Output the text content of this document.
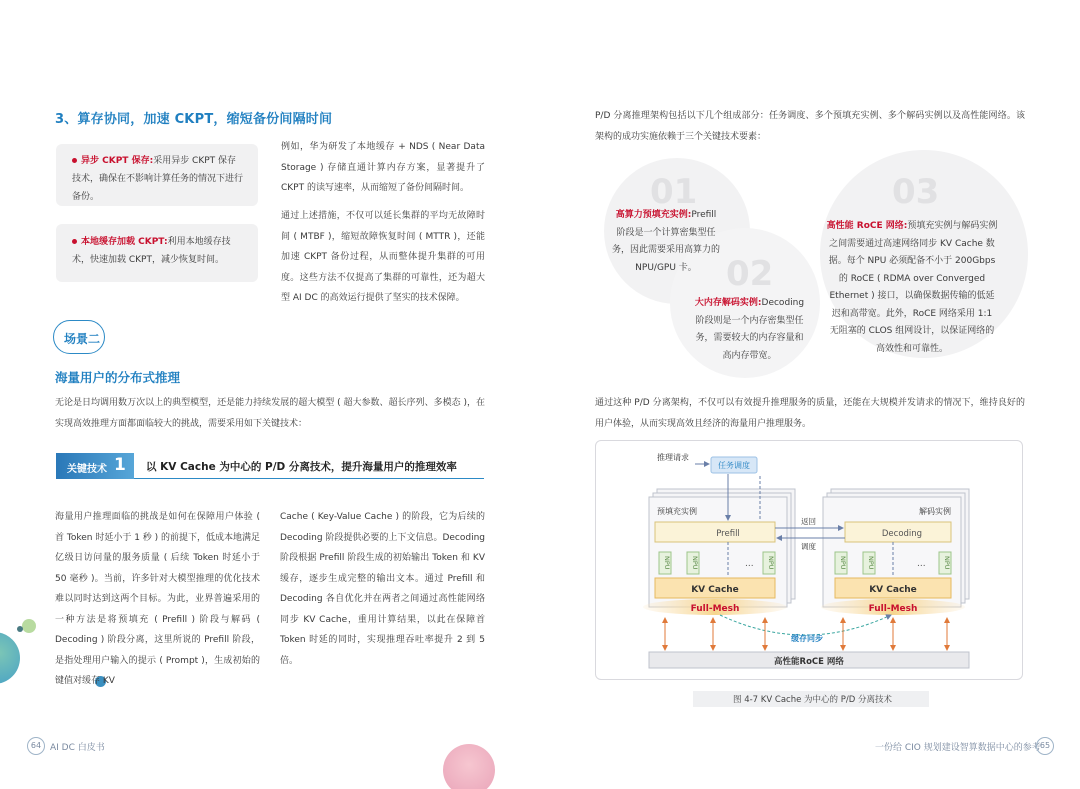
3、算存协同，加速 CKPT，缩短备份间隔时间
异步 CKPT 保存:采用异步 CKPT 保存技术，确保在不影响计算任务的情况下进行备份。
本地缓存加载 CKPT:利用本地缓存技术，快速加载 CKPT，减少恢复时间。
例如，华为研发了本地缓存 + NDS ( Near Data Storage ) 存储直通计算内存方案，显著提升了 CKPT 的读写速率，从而缩短了备份间隔时间。
通过上述措施，不仅可以延长集群的平均无故障时间 ( MTBF )，缩短故障恢复时间 ( MTTR )，还能加速 CKPT 备份过程，从而整体提升集群的可用度。这些方法不仅提高了集群的可靠性，还为超大型 AI DC 的高效运行提供了坚实的技术保障。
场景二
海量用户的分布式推理
无论是日均调用数万次以上的典型模型，还是能力持续发展的超大模型 ( 超大参数、超长序列、多模态 )，在实现高效推理方面都面临较大的挑战，需要采用如下关键技术：
关键技术 1 以 KV Cache 为中心的 P/D 分离技术，提升海量用户的推理效率
海量用户推理面临的挑战是如何在保障用户体验 ( 首 Token 时延小于 1 秒 ) 的前提下，低成本地满足亿级日访问量的服务质量 ( 后续 Token 时延小于 50 毫秒 )。当前，许多针对大模型推理的优化技术难以同时达到这两个目标。为此，业界普遍采用的一种方法是将预填充 ( Prefill ) 阶段与解码 ( Decoding ) 阶段分离，这里所说的 Prefill 阶段，是指处理用户输入的提示 ( Prompt )，生成初始的键值对缓存 KV
Cache ( Key-Value Cache ) 的阶段，它为后续的 Decoding 阶段提供必要的上下文信息。Decoding 阶段根据 Prefill 阶段生成的初始输出 Token 和 KV 缓存，逐步生成完整的输出文本。通过 Prefill 和 Decoding 各自优化并在两者之间通过高性能网络同步 KV Cache，重用计算结果，以此在保障首 Token 时延的同时，实现推理吞吐率提升 2 到 5 倍。
64 AI DC 白皮书
P/D 分离推理架构包括以下几个组成部分：任务调度、多个预填充实例、多个解码实例以及高性能网络。该架构的成功实施依赖于三个关键技术要素：
01
02
03
高算力预填充实例:Prefill 阶段是一个计算密集型任务，因此需要采用高算力的 NPU/GPU 卡。
大内存解码实例:Decoding 阶段则是一个内存密集型任务，需要较大的内存容量和高内存带宽。
高性能 RoCE 网络:预填充实例与解码实例之间需要通过高速网络同步 KV Cache 数据。每个 NPU 必须配备不小于 200Gbps 的 RoCE ( RDMA over Converged Ethernet ) 接口，以确保数据传输的低延迟和高带宽。此外，RoCE 网络采用 1:1 无阻塞的 CLOS 组网设计，以保证网络的高效性和可靠性。
通过这种 P/D 分离架构，不仅可以有效提升推理服务的质量，还能在大规模并发请求的情况下，维持良好的用户体验，从而实现高效且经济的海量用户推理服务。
推理请求
任务调度
预填充实例
Prefill
解码实例
Decoding
NPU	NPU	NPU
...	NPU	NPU	NPU
...
KV Cache	KV Cache
Full-Mesh	Full-Mesh
返回
调度
缓存同步
高性能RoCE 网络
图 4-7 KV Cache 为中心的 P/D 分离技术
一份给 CIO 规划建设智算数据中心的参考 65
